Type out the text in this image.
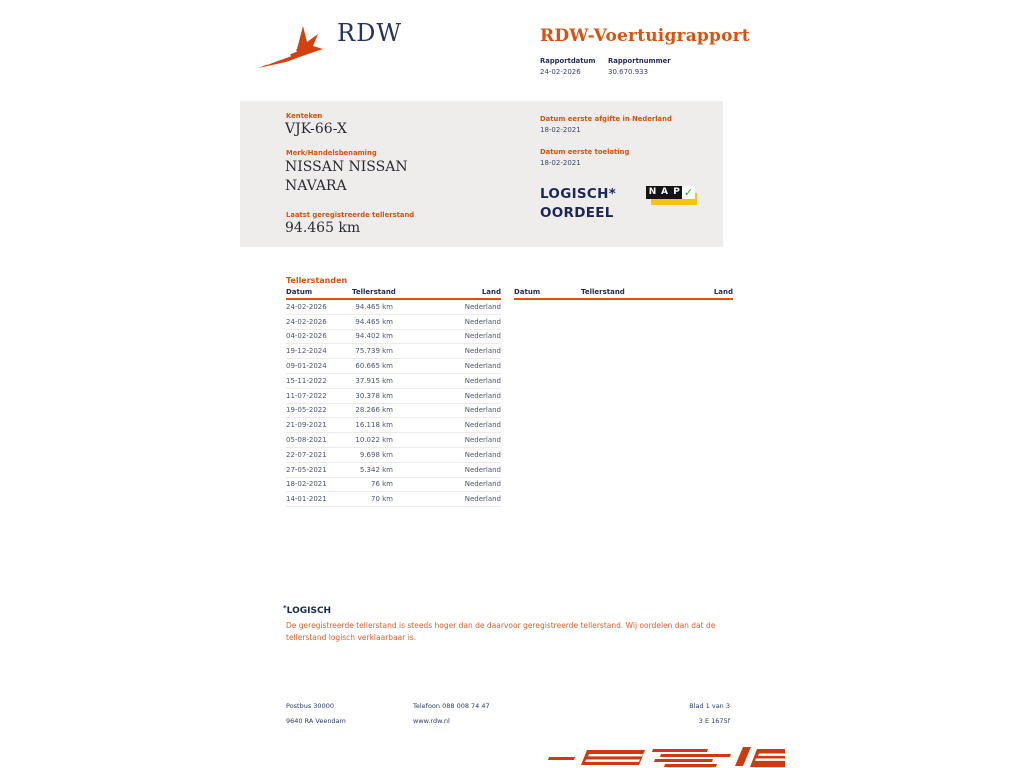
RDW	RDW-Voertuigrapport
Rapportdatum Rapportnummer
24-02-2026	30.670.933
Kenteken
VJK-66-X
Merk/Handelsbenaming
NISSAN NISSAN NAVARA
Laatst geregistreerde tellerstand
94.465 km
Datum eerste afgifte in Nederland
18-02-2021
Datum eerste toelating
18-02-2021
LOGISCH*
OORDEEL
N A P ✓
Tellerstanden
Datum	Tellerstand	Land
24-02-2026	94.465 km	Nederland
24-02-2026	94.465 km	Nederland
04-02-2026	94.402 km	Nederland
19-12-2024	75.739 km	Nederland
09-01-2024	60.665 km	Nederland
15-11-2022	37.915 km	Nederland
11-07-2022	30.378 km	Nederland
19-05-2022	28.266 km	Nederland
21-09-2021	16.118 km	Nederland
05-08-2021	10.022 km	Nederland
22-07-2021	9.698 km	Nederland
27-05-2021	5.342 km	Nederland
18-02-2021	76 km	Nederland
14-01-2021	70 km	Nederland
Datum	Tellerstand	Land
*LOGISCH
De geregistreerde tellerstand is steeds hoger dan de daarvoor geregistreerde tellerstand. Wij oordelen dan dat de tellerstand logisch verklaarbaar is.
Postbus 30000
9640 RA Veendam
Telefoon 088 008 74 47
www.rdw.nl
Blad 1 van 3
3 E 1675f
